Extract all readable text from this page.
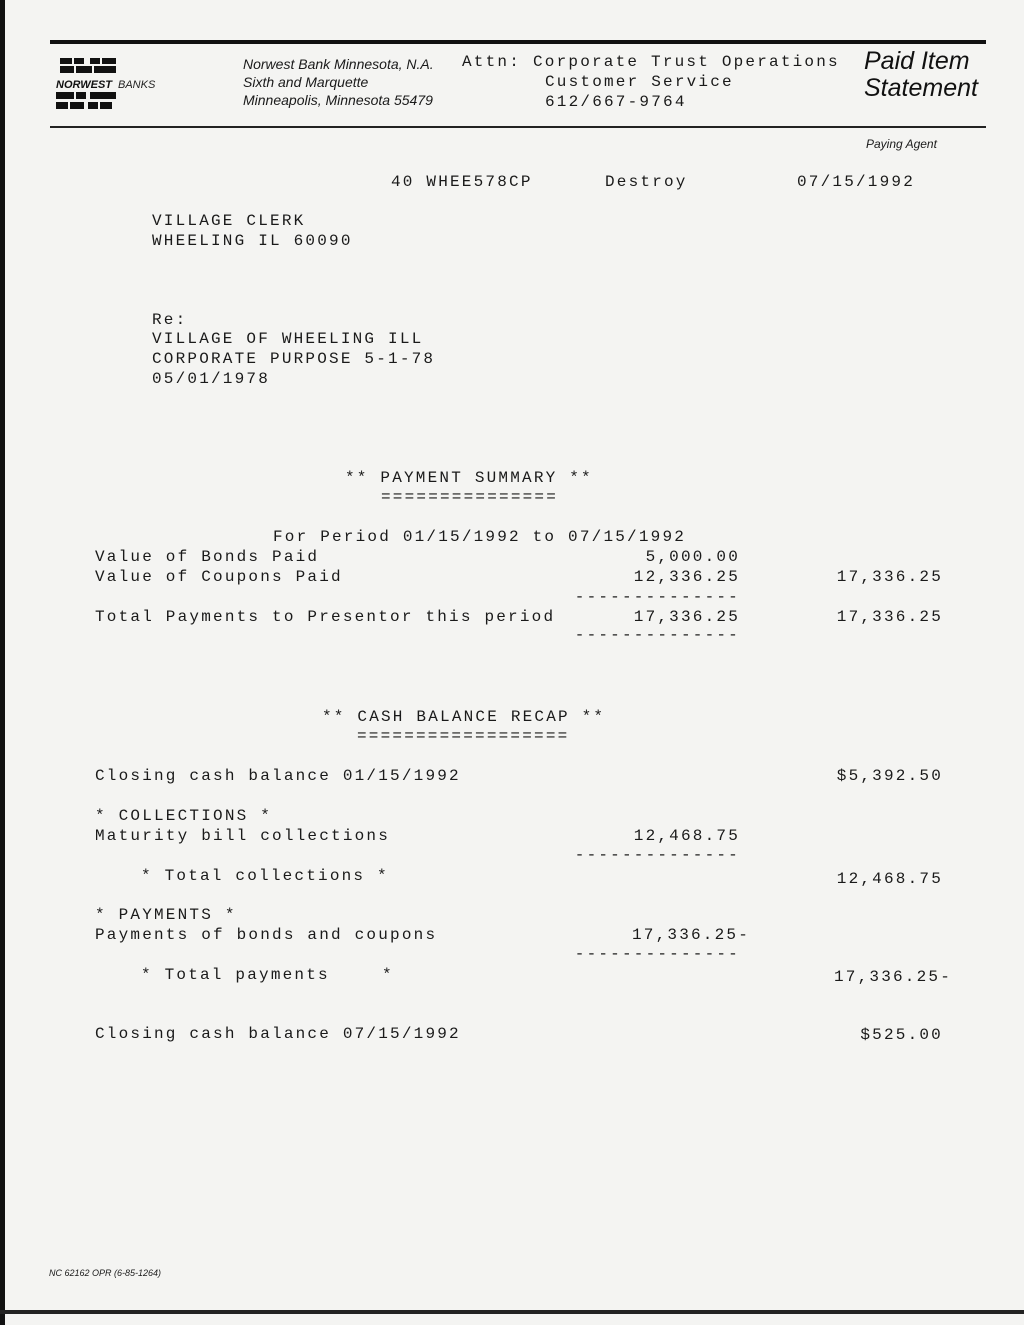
NORWEST BANKS
Norwest Bank Minnesota, N.A.
Sixth and Marquette
Minneapolis, Minnesota 55479
Attn: Corporate Trust Operations
Customer Service
612/667-9764
Paid Item
Statement
Paying Agent
40 WHEE578CP	Destroy	07/15/1992
VILLAGE CLERK
WHEELING IL 60090
Re:
VILLAGE OF WHEELING ILL
CORPORATE PURPOSE 5-1-78
05/01/1978
** PAYMENT SUMMARY **
===============
For Period 01/15/1992 to 07/15/1992
Value of Bonds Paid	5,000.00
Value of Coupons Paid	12,336.25	17,336.25
--------------
Total Payments to Presentor this period	17,336.25	17,336.25
--------------
** CASH BALANCE RECAP **
==================
Closing cash balance 01/15/1992	$5,392.50
* COLLECTIONS *
Maturity bill collections	12,468.75
--------------
* Total collections *	12,468.75
* PAYMENTS *
Payments of bonds and coupons	17,336.25-
--------------
* Total payments	*	17,336.25-
Closing cash balance 07/15/1992	$525.00
NC 62162 OPR (6-85-1264)
